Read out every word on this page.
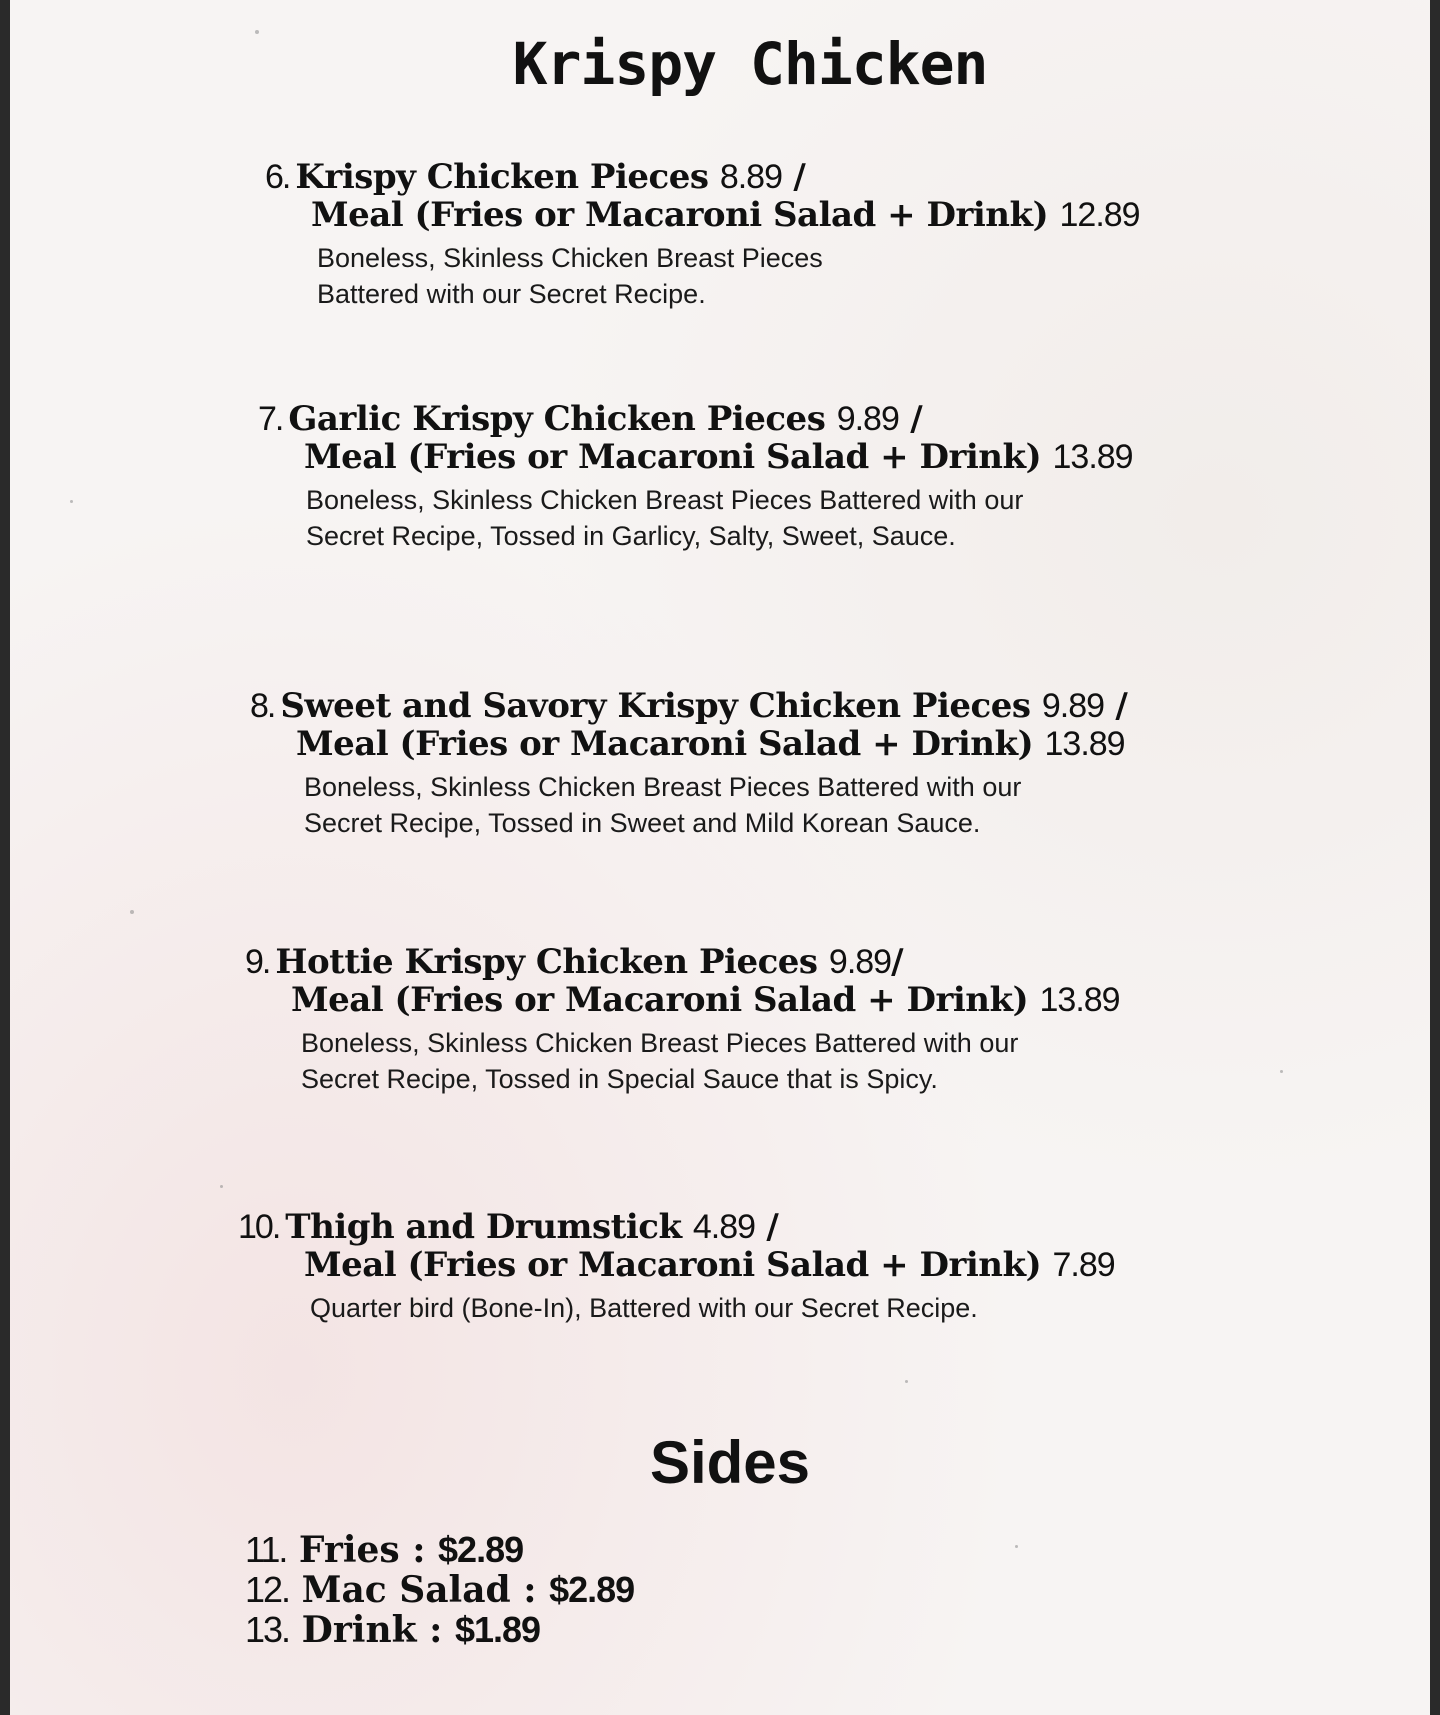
Krispy Chicken
6. Krispy Chicken Pieces 8.89 /
Meal (Fries or Macaroni Salad + Drink) 12.89
Boneless, Skinless Chicken Breast Pieces
Battered with our Secret Recipe.
7. Garlic Krispy Chicken Pieces 9.89 /
Meal (Fries or Macaroni Salad + Drink) 13.89
Boneless, Skinless Chicken Breast Pieces Battered with our
Secret Recipe, Tossed in Garlicy, Salty, Sweet, Sauce.
8. Sweet and Savory Krispy Chicken Pieces 9.89 /
Meal (Fries or Macaroni Salad + Drink) 13.89
Boneless, Skinless Chicken Breast Pieces Battered with our
Secret Recipe, Tossed in Sweet and Mild Korean Sauce.
9. Hottie Krispy Chicken Pieces 9.89/
Meal (Fries or Macaroni Salad + Drink) 13.89
Boneless, Skinless Chicken Breast Pieces Battered with our
Secret Recipe, Tossed in Special Sauce that is Spicy.
10. Thigh and Drumstick 4.89 /
Meal (Fries or Macaroni Salad + Drink) 7.89
Quarter bird (Bone-In), Battered with our Secret Recipe.
Sides
11. Fries : $2.89
12. Mac Salad : $2.89
13. Drink : $1.89
